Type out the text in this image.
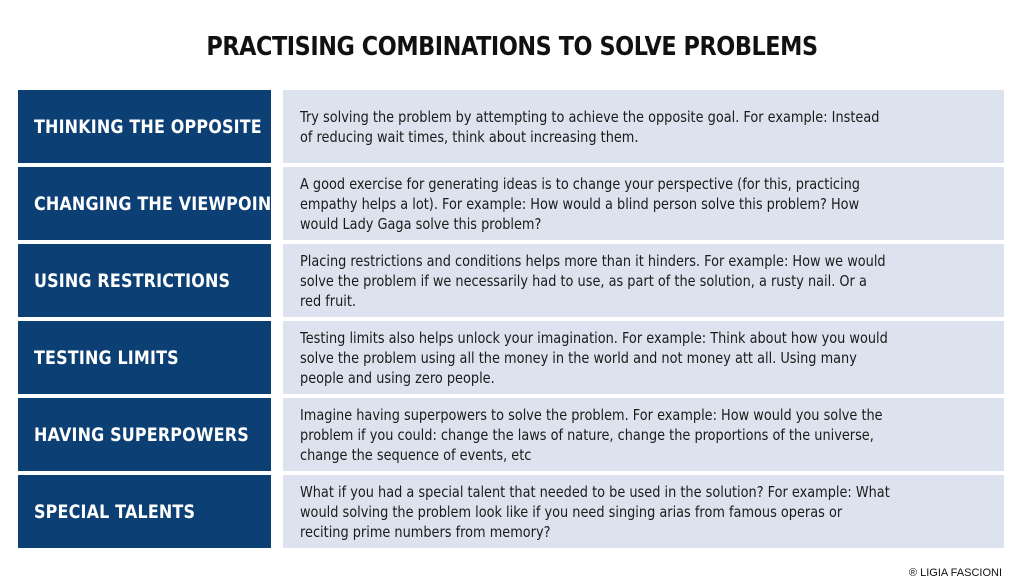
PRACTISING COMBINATIONS TO SOLVE PROBLEMS
THINKING THE OPPOSITE	Try solving the problem by attempting to achieve the opposite goal. For example: Instead of reducing wait times, think about increasing them.
CHANGING THE VIEWPOINT
A good exercise for generating ideas is to change your perspective (for this, practicing empathy helps a lot). For example: How would a blind person solve this problem? How would Lady Gaga solve this problem?
USING RESTRICTIONS
Placing restrictions and conditions helps more than it hinders. For example: How we would solve the problem if we necessarily had to use, as part of the solution, a rusty nail. Or a red fruit.
TESTING LIMITS
Testing limits also helps unlock your imagination. For example: Think about how you would solve the problem using all the money in the world and not money att all. Using many people and using zero people.
HAVING SUPERPOWERS
Imagine having superpowers to solve the problem. For example: How would you solve the problem if you could: change the laws of nature, change the proportions of the universe, change the sequence of events, etc
SPECIAL TALENTS
What if you had a special talent that needed to be used in the solution? For example: What would solving the problem look like if you need singing arias from famous operas or reciting prime numbers from memory?
® LIGIA FASCIONI
